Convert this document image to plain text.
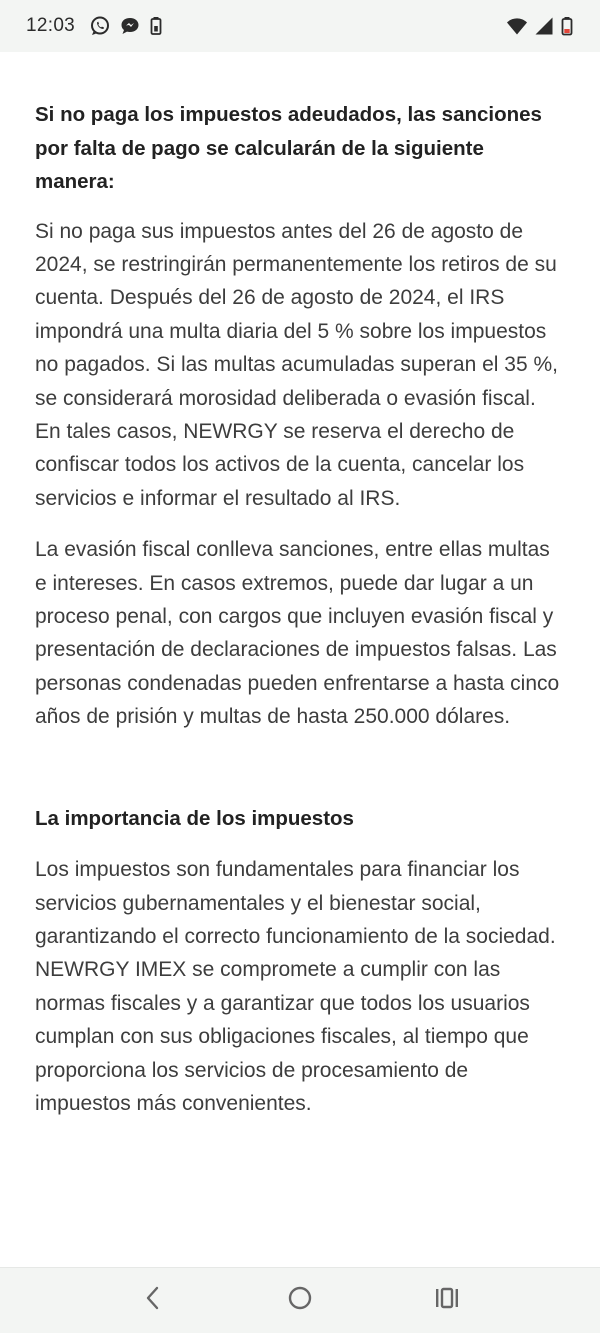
12:03

Si no paga los impuestos adeudados, las sanciones por falta de pago se calcularán de la siguiente manera:

Si no paga sus impuestos antes del 26 de agosto de 2024, se restringirán permanentemente los retiros de su cuenta. Después del 26 de agosto de 2024, el IRS impondrá una multa diaria del 5 % sobre los impuestos no pagados. Si las multas acumuladas superan el 35 %, se considerará morosidad deliberada o evasión fiscal. En tales casos, NEWRGY se reserva el derecho de confiscar todos los activos de la cuenta, cancelar los servicios e informar el resultado al IRS.

La evasión fiscal conlleva sanciones, entre ellas multas e intereses. En casos extremos, puede dar lugar a un proceso penal, con cargos que incluyen evasión fiscal y presentación de declaraciones de impuestos falsas. Las personas condenadas pueden enfrentarse a hasta cinco años de prisión y multas de hasta 250.000 dólares.

La importancia de los impuestos

Los impuestos son fundamentales para financiar los servicios gubernamentales y el bienestar social, garantizando el correcto funcionamiento de la sociedad. NEWRGY IMEX se compromete a cumplir con las normas fiscales y a garantizar que todos los usuarios cumplan con sus obligaciones fiscales, al tiempo que proporciona los servicios de procesamiento de impuestos más convenientes.
